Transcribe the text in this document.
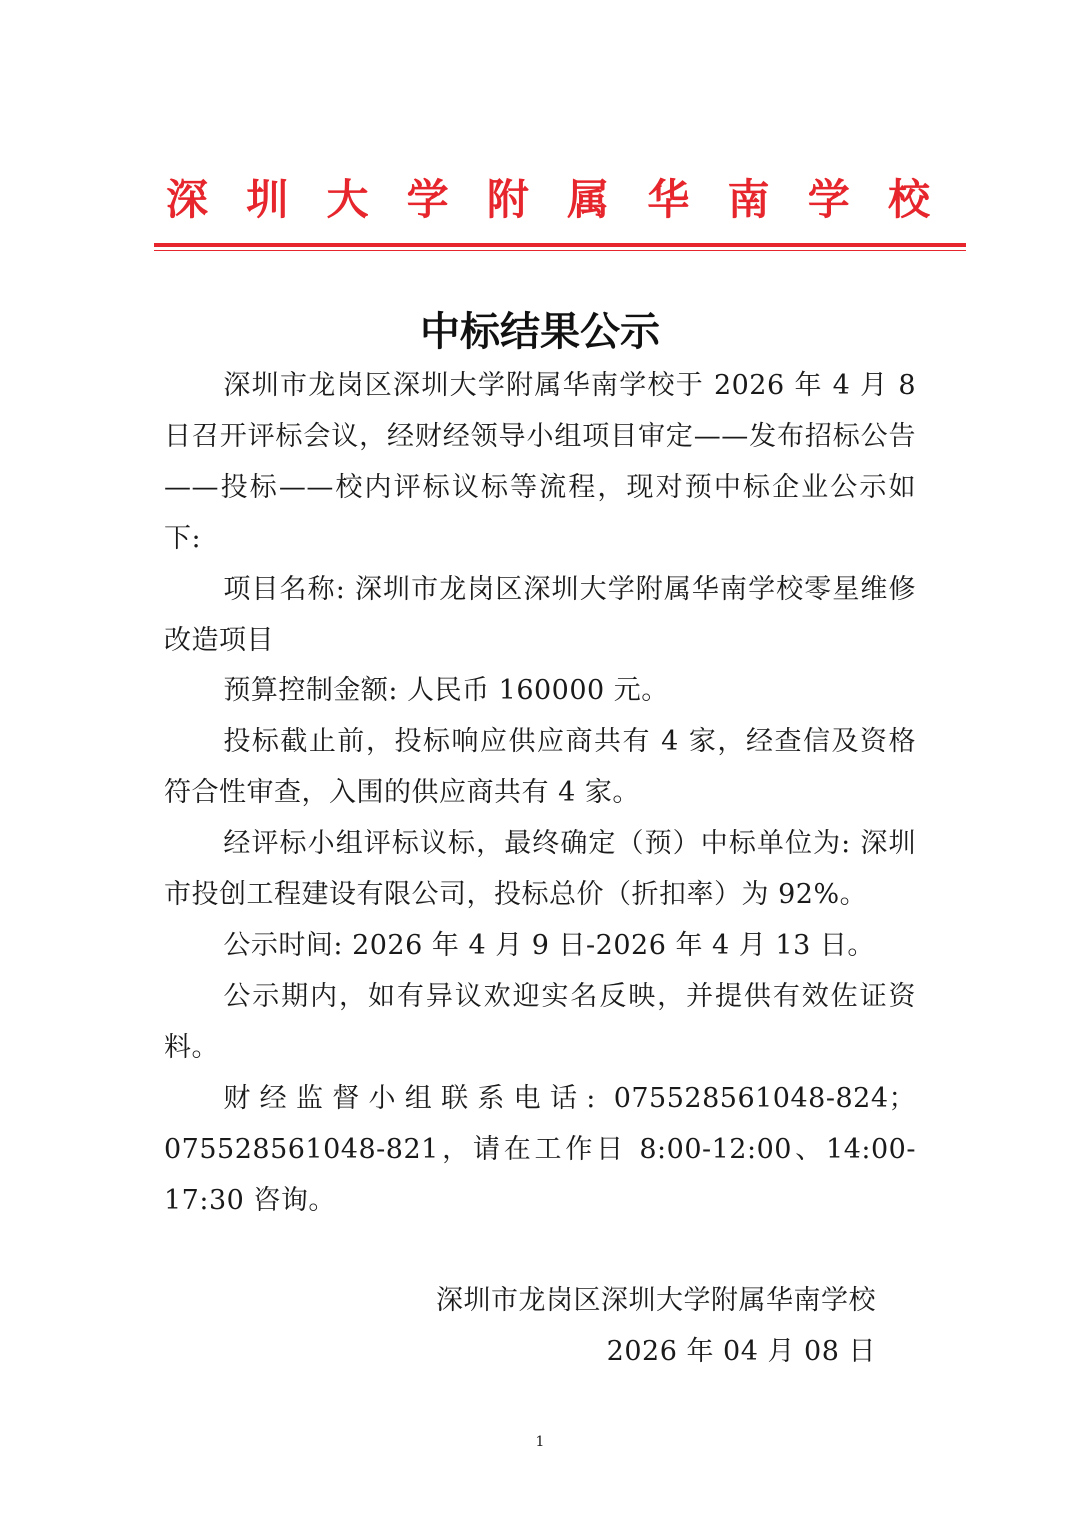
深 圳 大 学 附 属 华 南 学 校
中标结果公示

深圳市龙岗区深圳大学附属华南学校于 2026 年 4 月 8 日召开评标会议，经财经领导小组项目审定——发布招标公告——投标——校内评标议标等流程，现对预中标企业公示如下:

项目名称: 深圳市龙岗区深圳大学附属华南学校零星维修改造项目

预算控制金额: 人民币 160000 元。

投标截止前，投标响应供应商共有 4 家，经查信及资格符合性审查，入围的供应商共有 4 家。

经评标小组评标议标，最终确定（预）中标单位为: 深圳市投创工程建设有限公司，投标总价（折扣率）为 92%。

公示时间: 2026 年 4 月 9 日-2026 年 4 月 13 日。

公示期内，如有异议欢迎实名反映，并提供有效佐证资料。

财经监督小组联系电话: 075528561048-824；075528561048-821，请在工作日 8:00-12:00、14:00-17:30 咨询。

深圳市龙岗区深圳大学附属华南学校
2026 年 04 月 08 日
1
